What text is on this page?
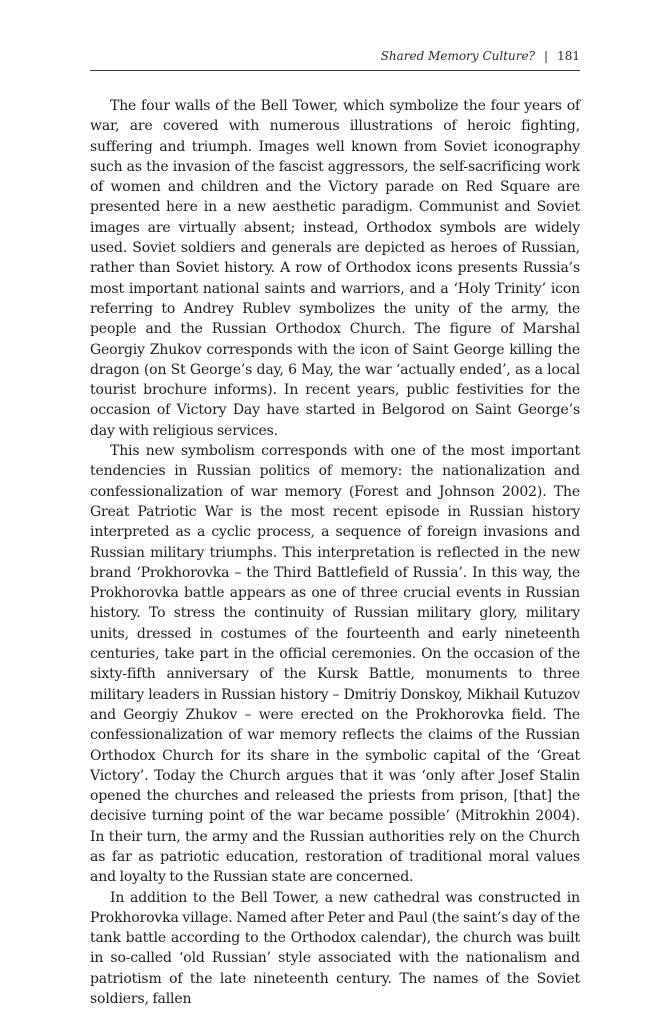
Shared Memory Culture? | 181

The four walls of the Bell Tower, which symbolize the four years of war, are covered with numerous illustrations of heroic fighting, suffering and triumph. Images well known from Soviet iconography such as the invasion of the fascist aggressors, the self-sacrificing work of women and children and the Victory parade on Red Square are presented here in a new aesthetic paradigm. Communist and Soviet images are virtually absent; instead, Orthodox symbols are widely used. Soviet soldiers and generals are depicted as heroes of Russian, rather than Soviet history. A row of Orthodox icons presents Russia’s most important national saints and warriors, and a ‘Holy Trinity’ icon referring to Andrey Rublev symbolizes the unity of the army, the people and the Russian Orthodox Church. The figure of Marshal Georgiy Zhukov corresponds with the icon of Saint George killing the dragon (on St George’s day, 6 May, the war ‘actually ended’, as a local tourist brochure informs). In recent years, public festivities for the occasion of Victory Day have started in Belgorod on Saint George’s day with religious services.

This new symbolism corresponds with one of the most important tendencies in Russian politics of memory: the nationalization and confessionalization of war memory (Forest and Johnson 2002). The Great Patriotic War is the most recent episode in Russian history interpreted as a cyclic process, a sequence of foreign invasions and Russian military triumphs. This interpretation is reflected in the new brand ‘Prokhorovka – the Third Battlefield of Russia’. In this way, the Prokhorovka battle appears as one of three crucial events in Russian history. To stress the continuity of Russian military glory, military units, dressed in costumes of the fourteenth and early nineteenth centuries, take part in the official ceremonies. On the occasion of the sixty-fifth anniversary of the Kursk Battle, monuments to three military leaders in Russian history – Dmitriy Donskoy, Mikhail Kutuzov and Georgiy Zhukov – were erected on the Prokhorovka field. The confessionalization of war memory reflects the claims of the Russian Orthodox Church for its share in the symbolic capital of the ‘Great Victory’. Today the Church argues that it was ‘only after Josef Stalin opened the churches and released the priests from prison, [that] the decisive turning point of the war became possible’ (Mitrokhin 2004). In their turn, the army and the Russian authorities rely on the Church as far as patriotic education, restoration of traditional moral values and loyalty to the Russian state are concerned.

In addition to the Bell Tower, a new cathedral was constructed in Prokhorovka village. Named after Peter and Paul (the saint’s day of the tank battle according to the Orthodox calendar), the church was built in so-called ‘old Russian’ style associated with the nationalism and patriotism of the late nineteenth century. The names of the Soviet soldiers, fallen
